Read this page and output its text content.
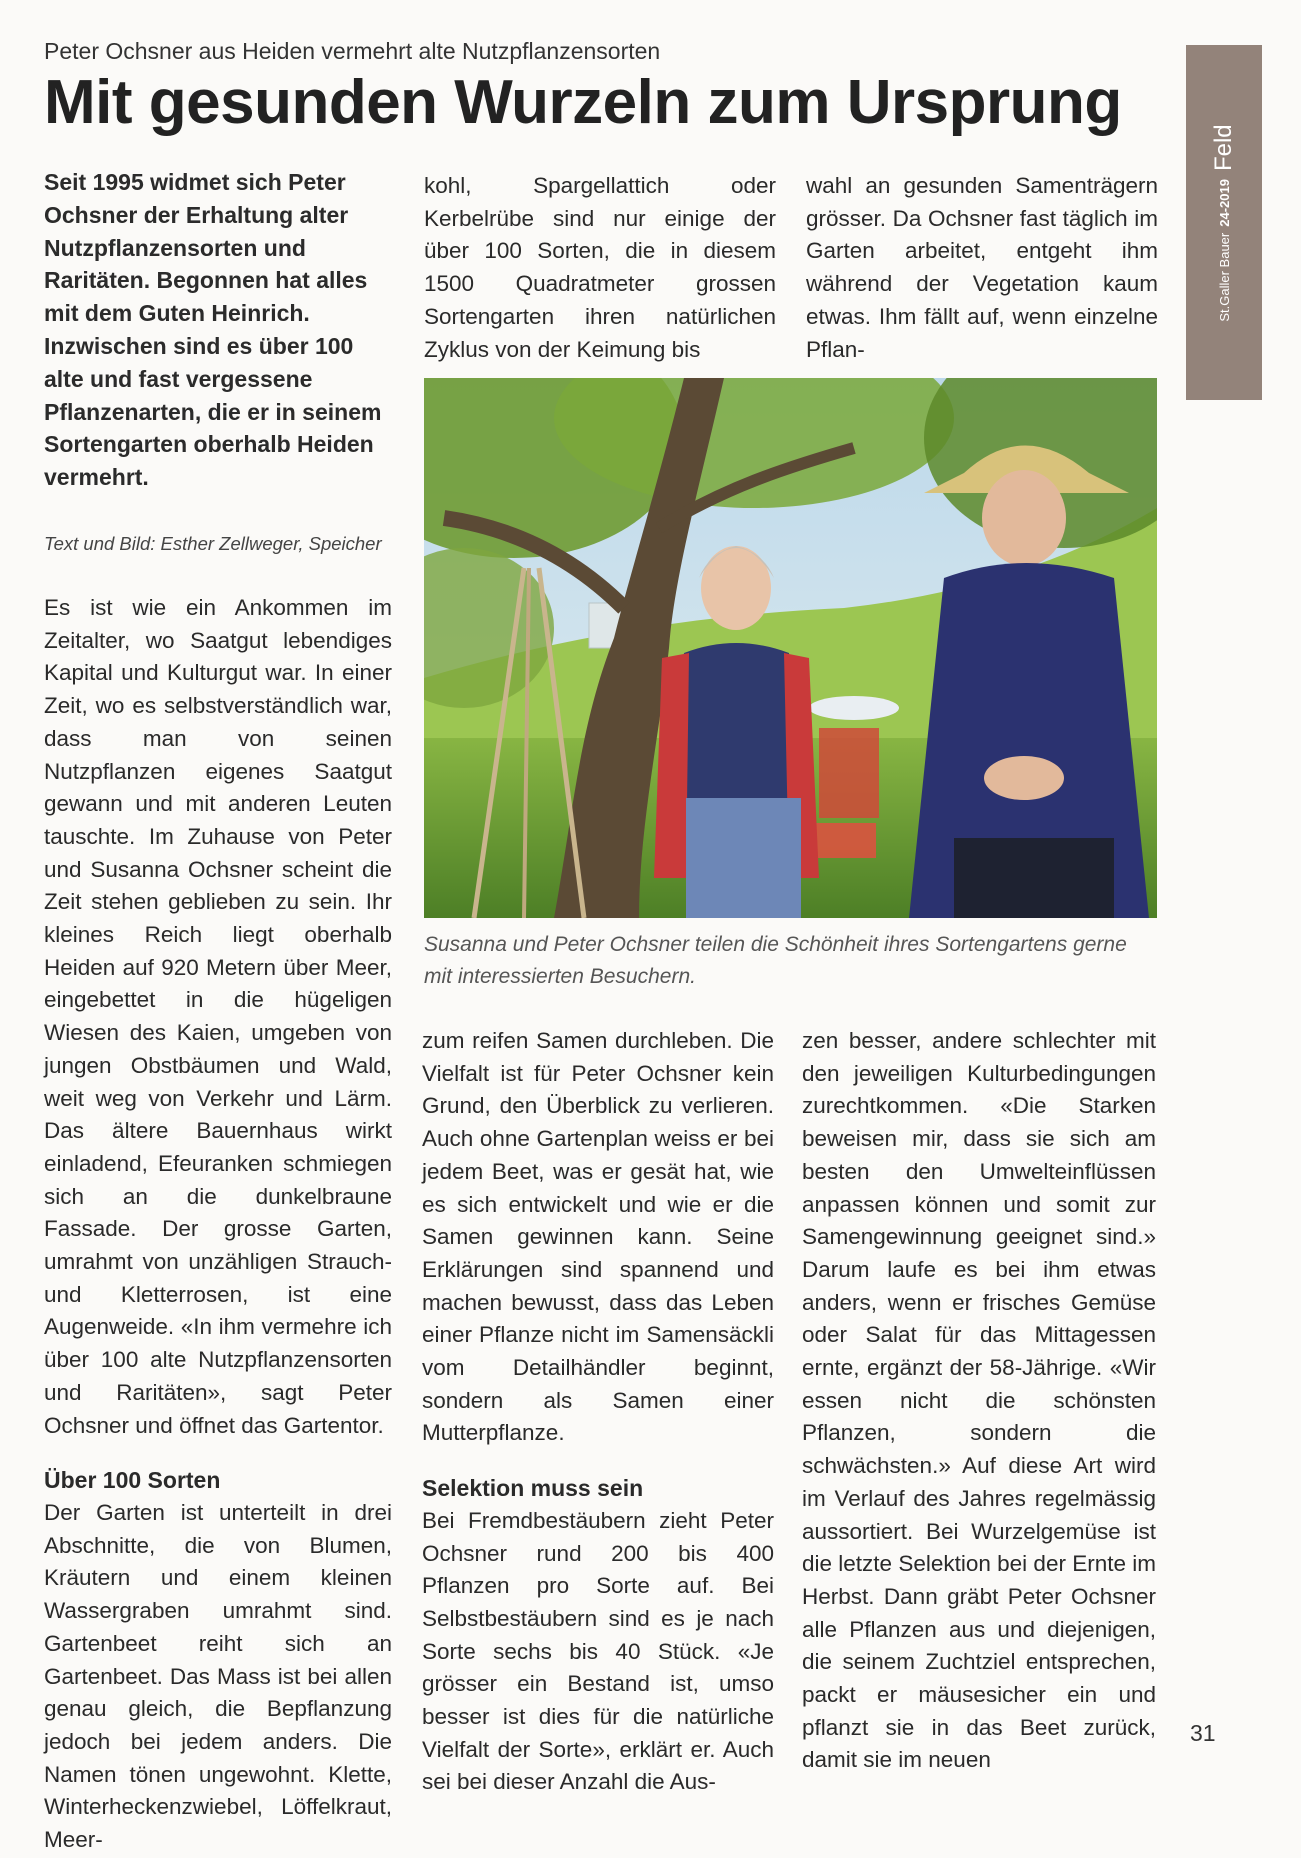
Peter Ochsner aus Heiden vermehrt alte Nutzpflanzensorten
Mit gesunden Wurzeln zum Ursprung
St.Galler Bauer24-2019Feld
Seit 1995 widmet sich Peter Ochsner der Erhaltung alter Nutzpflanzensorten und Raritäten. Begonnen hat alles mit dem Guten Heinrich. Inzwischen sind es über 100 alte und fast vergessene Pflanzenarten, die er in seinem Sortengarten oberhalb Heiden vermehrt.
Text und Bild: Esther Zellweger, Speicher

Es ist wie ein Ankommen im Zeitalter, wo Saatgut lebendiges Kapital und Kulturgut war. In einer Zeit, wo es selbstverständlich war, dass man von seinen Nutzpflanzen eigenes Saatgut gewann und mit anderen Leuten tauschte. Im Zuhause von Peter und Susanna Ochsner scheint die Zeit stehen geblieben zu sein. Ihr kleines Reich liegt oberhalb Heiden auf 920 Metern über Meer, eingebettet in die hügeligen Wiesen des Kaien, umgeben von jungen Obstbäumen und Wald, weit weg von Verkehr und Lärm. Das ältere Bauernhaus wirkt einladend, Efeuranken schmiegen sich an die dunkelbraune Fassade. Der grosse Garten, umrahmt von unzähligen Strauch- und Kletterrosen, ist eine Augenweide. «In ihm vermehre ich über 100 alte Nutzpflanzensorten und Raritäten», sagt Peter Ochsner und öffnet das Gartentor.

Über 100 Sorten

Der Garten ist unterteilt in drei Abschnitte, die von Blumen, Kräutern und einem kleinen Wassergraben umrahmt sind. Gartenbeet reiht sich an Gartenbeet. Das Mass ist bei allen genau gleich, die Bepflanzung jedoch bei jedem anders. Die Namen tönen ungewohnt. Klette, Winterheckenzwiebel, Löffelkraut, Meer-

kohl, Spargellattich oder Kerbelrübe sind nur einige der über 100 Sorten, die in diesem 1500 Quadratmeter grossen Sortengarten ihren natürlichen Zyklus von der Keimung bis

wahl an gesunden Samenträgern grösser. Da Ochsner fast täglich im Garten arbeitet, entgeht ihm während der Vegetation kaum etwas. Ihm fällt auf, wenn einzelne Pflan-

Susanna und Peter Ochsner teilen die Schönheit ihres Sortengartens gerne mit interessierten Besuchern.

zum reifen Samen durchleben. Die Vielfalt ist für Peter Ochsner kein Grund, den Überblick zu verlieren. Auch ohne Gartenplan weiss er bei jedem Beet, was er gesät hat, wie es sich entwickelt und wie er die Samen gewinnen kann. Seine Erklärungen sind spannend und machen bewusst, dass das Leben einer Pflanze nicht im Samensäckli vom Detailhändler beginnt, sondern als Samen einer Mutterpflanze.

Selektion muss sein

Bei Fremdbestäubern zieht Peter Ochsner rund 200 bis 400 Pflanzen pro Sorte auf. Bei Selbstbestäubern sind es je nach Sorte sechs bis 40 Stück. «Je grösser ein Bestand ist, umso besser ist dies für die natürliche Vielfalt der Sorte», erklärt er. Auch sei bei dieser Anzahl die Aus-

zen besser, andere schlechter mit den jeweiligen Kulturbedingungen zurechtkommen. «Die Starken beweisen mir, dass sie sich am besten den Umwelteinflüssen anpassen können und somit zur Samengewinnung geeignet sind.» Darum laufe es bei ihm etwas anders, wenn er frisches Gemüse oder Salat für das Mittagessen ernte, ergänzt der 58-Jährige. «Wir essen nicht die schönsten Pflanzen, sondern die schwächsten.» Auf diese Art wird im Verlauf des Jahres regelmässig aussortiert. Bei Wurzelgemüse ist die letzte Selektion bei der Ernte im Herbst. Dann gräbt Peter Ochsner alle Pflanzen aus und diejenigen, die seinem Zuchtziel entsprechen, packt er mäusesicher ein und pflanzt sie in das Beet zurück, damit sie im neuen

31
